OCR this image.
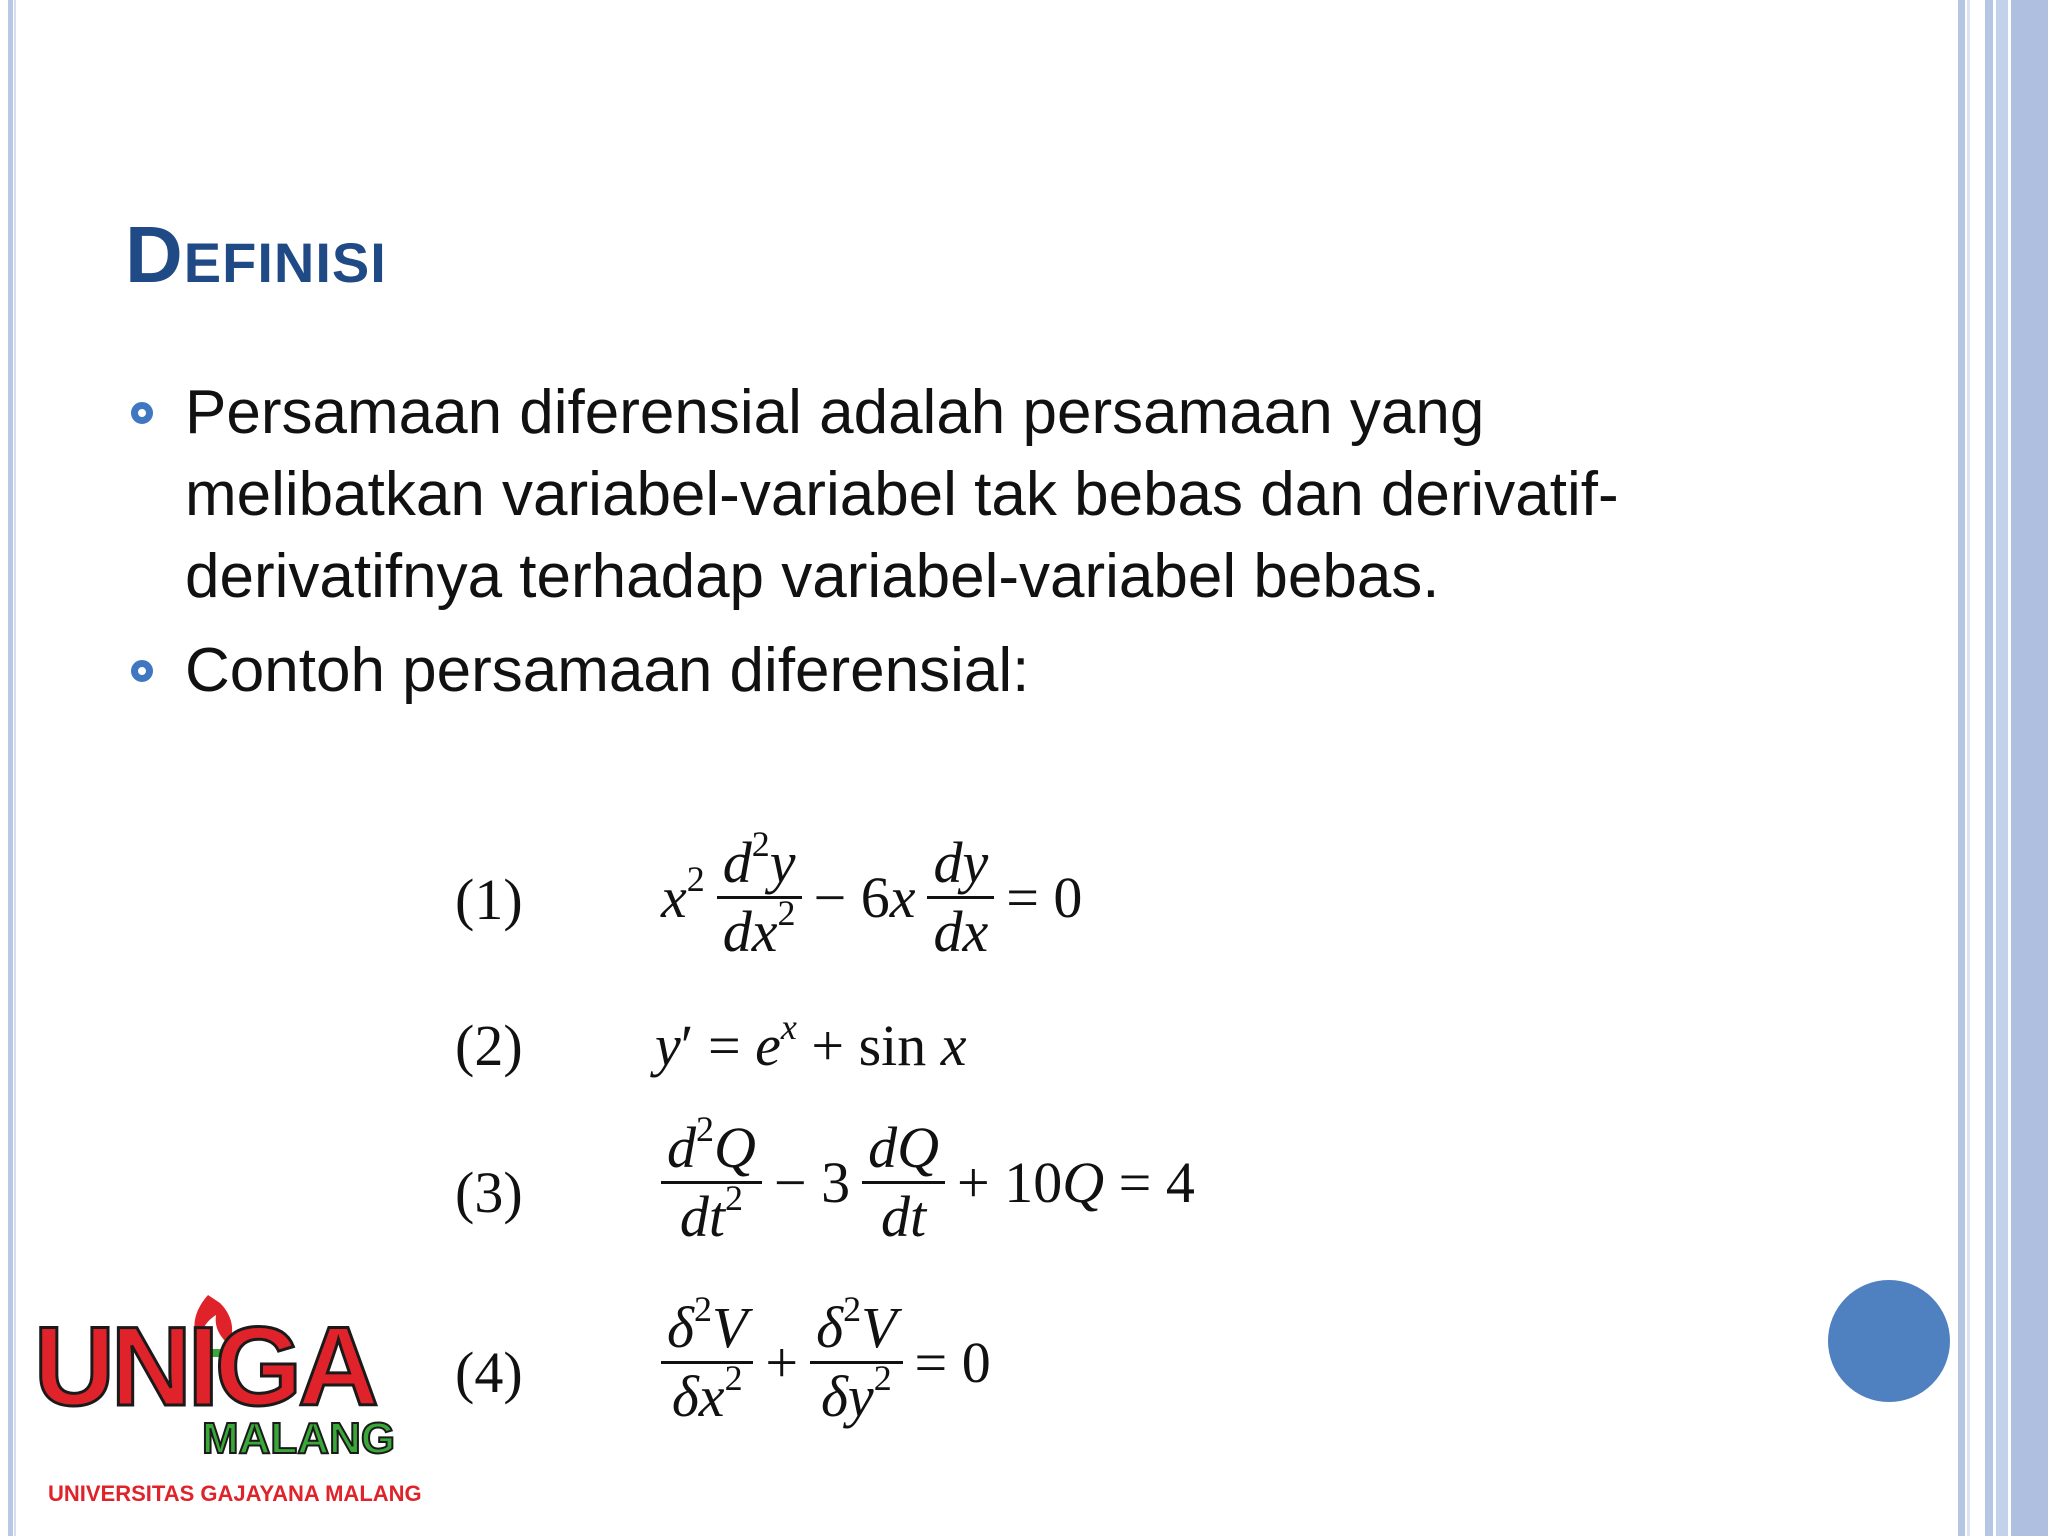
Definisi
Persamaan diferensial adalah persamaan yang melibatkan variabel-variabel tak bebas dan derivatif-derivatifnya terhadap variabel-variabel bebas.
Contoh persamaan diferensial:
(1) $x^2 \frac{d^2y}{dx^2} - 6x \frac{dy}{dx} = 0$
(2) $y' = e^x + \sin x$
$(3) \frac{d^2Q}{dt^2} - 3 \frac{dQ}{dt} + 10Q = 4$
$(4) \frac{\delta^2V}{\delta x^2} + \frac{\delta^2V}{\delta y^2} = 0$
UNIGA
MALANG
UNIVERSITAS GAJAYANA MALANG
